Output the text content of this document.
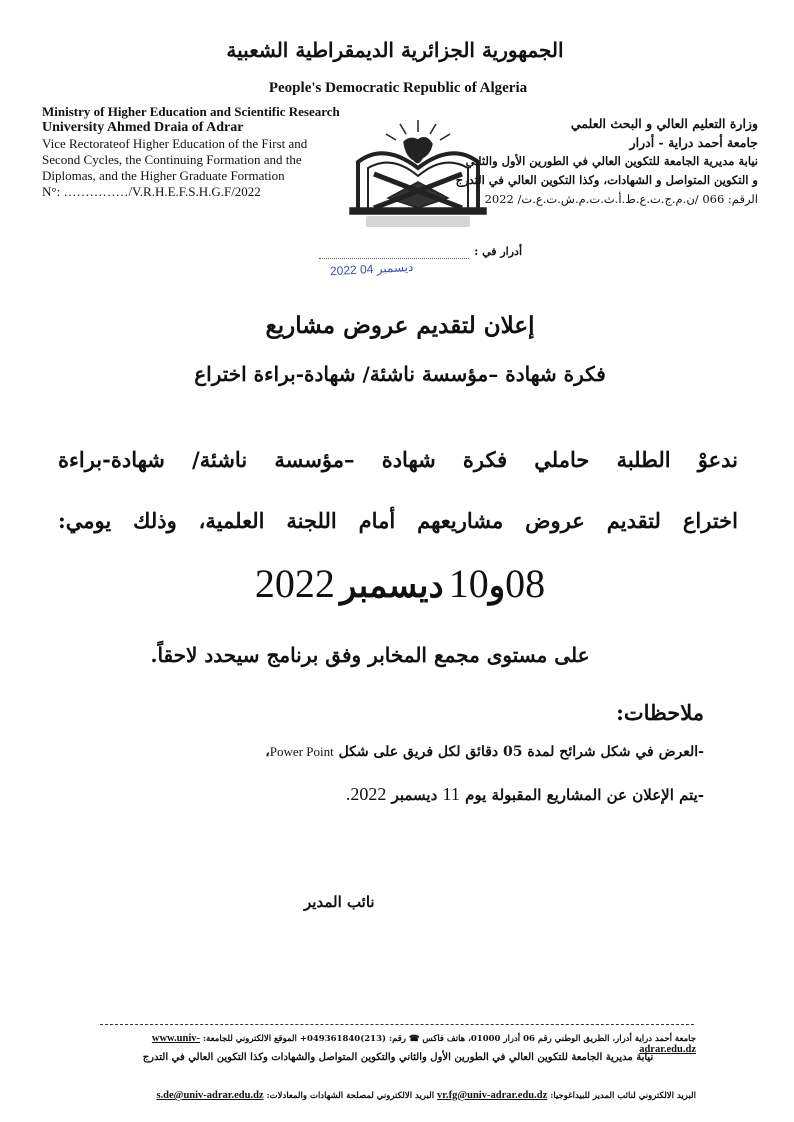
الجمهورية الجزائرية الديمقراطية الشعبية
People's Democratic Republic of Algeria
Ministry of Higher Education and Scientific Research
University Ahmed Draia of Adrar
Vice Rectorateof Higher Education of the First and
Second Cycles, the Continuing Formation and the
Diplomas, and the Higher Graduate Formation
N°: ……………/V.R.H.E.F.S.H.G.F/2022
وزارة التعليم العالي و البحث العلمي
جامعة أحمد دراية - أدرار
نيابة مديرية الجامعة للتكوين العالي في الطورين الأول والثاني
و التكوين المتواصل و الشهادات، وكذا التكوين العالي في التدرج
الرقم: 066 /ن.م.ج.ت.ع.ط.أ.ث.ت.م.ش.ت.ع.ت/ 2022
أدرار في :
2022 ديسمبر 04
إعلان لتقديم عروض مشاريع
فكرة شهادة –مؤسسة ناشئة/ شهادة-براءة اختراع
ندعوْ الطلبة حاملي فكرة شهادة –مؤسسة ناشئة/ شهادة-براءة
اختراع لتقديم عروض مشاريعهم أمام اللجنة العلمية، وذلك يومي:
08و10 ديسمبر 2022
على مستوى مجمع المخابر وفق برنامج سيحدد لاحقاً.
ملاحظات:
-العرض في شكل شرائح لمدة 05 دقائق لكل فريق على شكل Power Point،
-يتم الإعلان عن المشاريع المقبولة يوم 11 ديسمبر 2022.
نائب المدير
جامعة أحمد دراية أدرار، الطريق الوطني رقم 06 أدرار 01000، هاتف فاكس ☎ رقم: (213)049361840+ الموقع الالكتروني للجامعة: www.univ-adrar.edu.dz
نيابة مديرية الجامعة للتكوين العالي في الطورين الأول والثاني والتكوين المتواصل والشهادات وكذا التكوين العالي في التدرج
البريد الالكتروني لنائب المدير للبيداغوجيا: vr.fg@univ-adrar.edu.dz البريد الالكتروني لمصلحة الشهادات والمعادلات: s.de@univ-adrar.edu.dz
